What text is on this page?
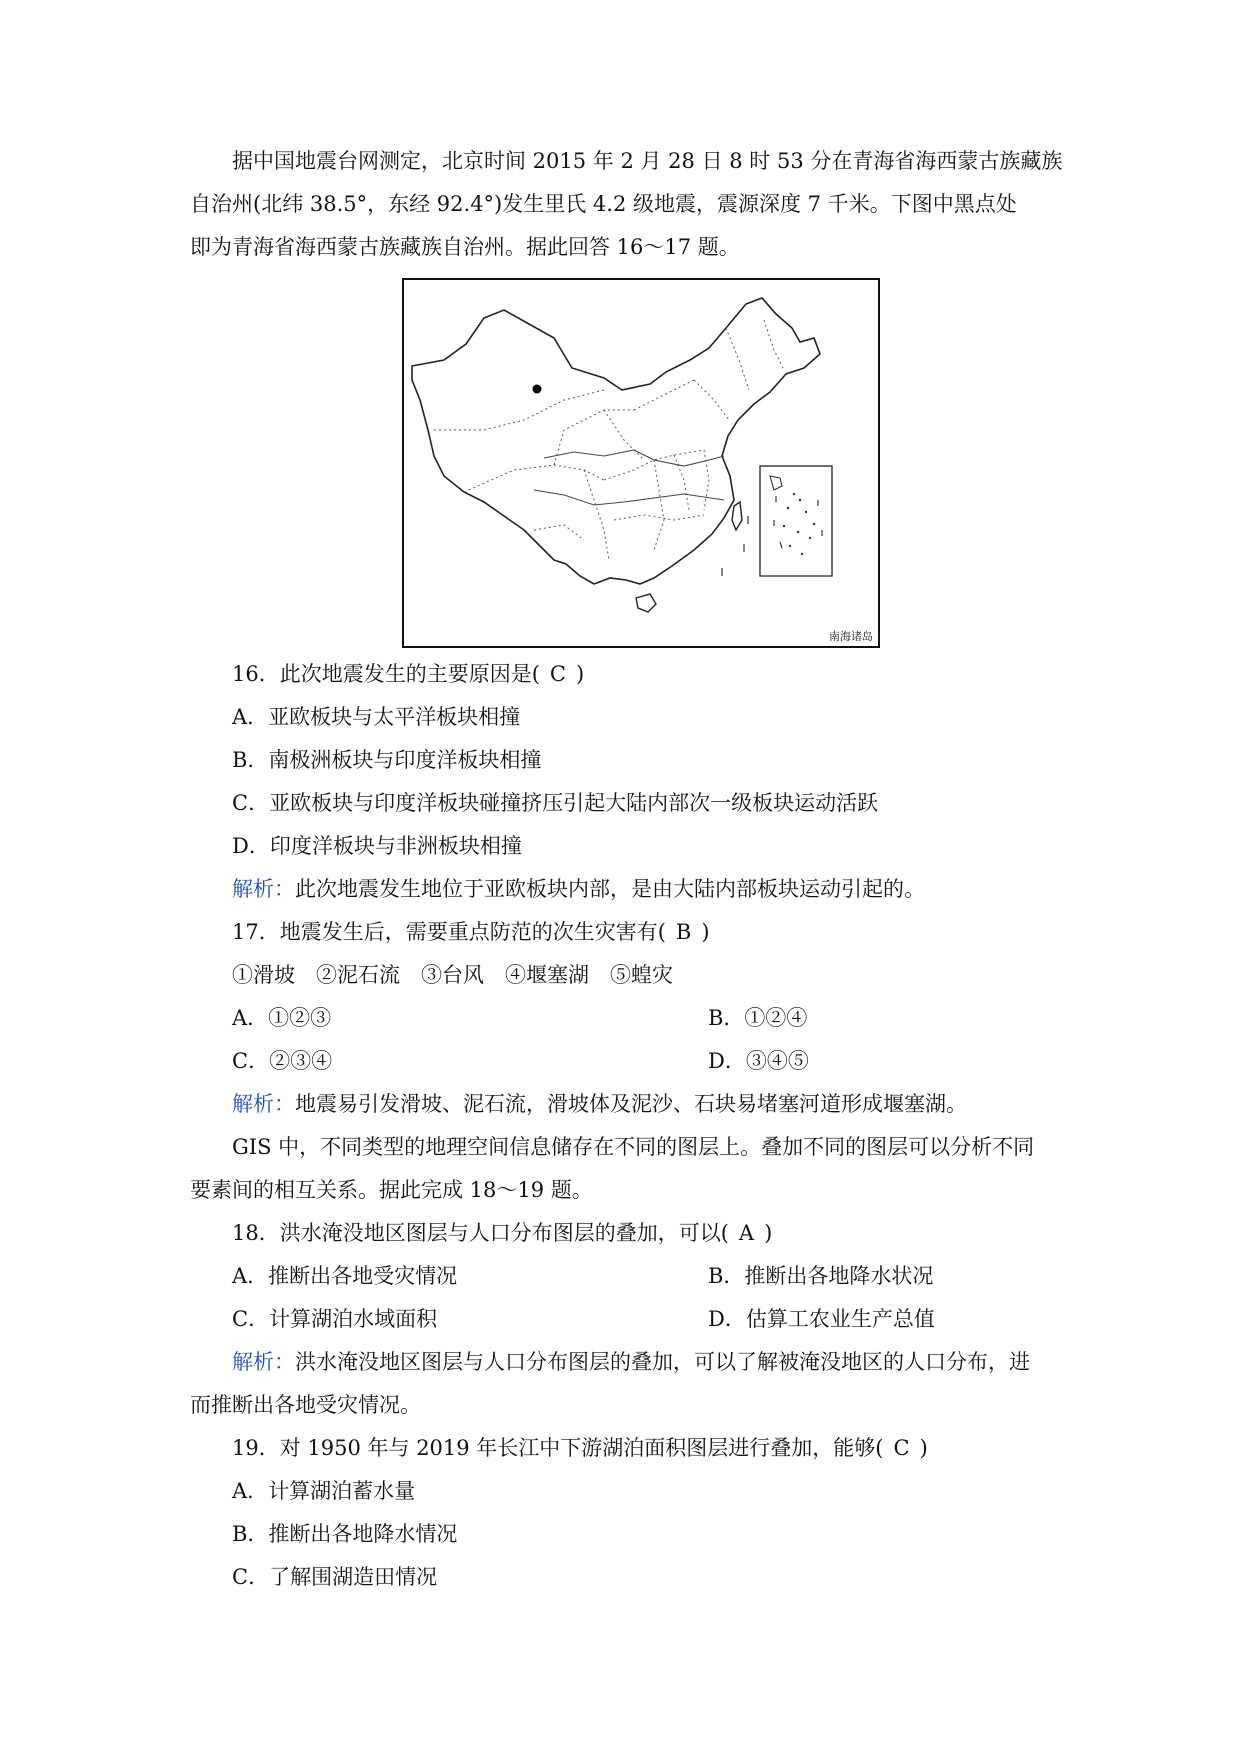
据中国地震台网测定，北京时间 2015 年 2 月 28 日 8 时 53 分在青海省海西蒙古族藏族
自治州(北纬 38.5°，东经 92.4°)发生里氏 4.2 级地震，震源深度 7 千米。下图中黑点处
即为青海省海西蒙古族藏族自治州。据此回答 16～17 题。
南海诸岛
16．此次地震发生的主要原因是( C )
A．亚欧板块与太平洋板块相撞
B．南极洲板块与印度洋板块相撞
C．亚欧板块与印度洋板块碰撞挤压引起大陆内部次一级板块运动活跃
D．印度洋板块与非洲板块相撞
解析：此次地震发生地位于亚欧板块内部，是由大陆内部板块运动引起的。
17．地震发生后，需要重点防范的次生灾害有( B )
①滑坡　②泥石流　③台风　④堰塞湖　⑤蝗灾
A．①②③	B．①②④
C．②③④	D．③④⑤
解析：地震易引发滑坡、泥石流，滑坡体及泥沙、石块易堵塞河道形成堰塞湖。
GIS 中，不同类型的地理空间信息储存在不同的图层上。叠加不同的图层可以分析不同
要素间的相互关系。据此完成 18～19 题。
18．洪水淹没地区图层与人口分布图层的叠加，可以( A )
A．推断出各地受灾情况	B．推断出各地降水状况
C．计算湖泊水域面积	D．估算工农业生产总值
解析：洪水淹没地区图层与人口分布图层的叠加，可以了解被淹没地区的人口分布，进
而推断出各地受灾情况。
19．对 1950 年与 2019 年长江中下游湖泊面积图层进行叠加，能够( C )
A．计算湖泊蓄水量
B．推断出各地降水情况
C．了解围湖造田情况
